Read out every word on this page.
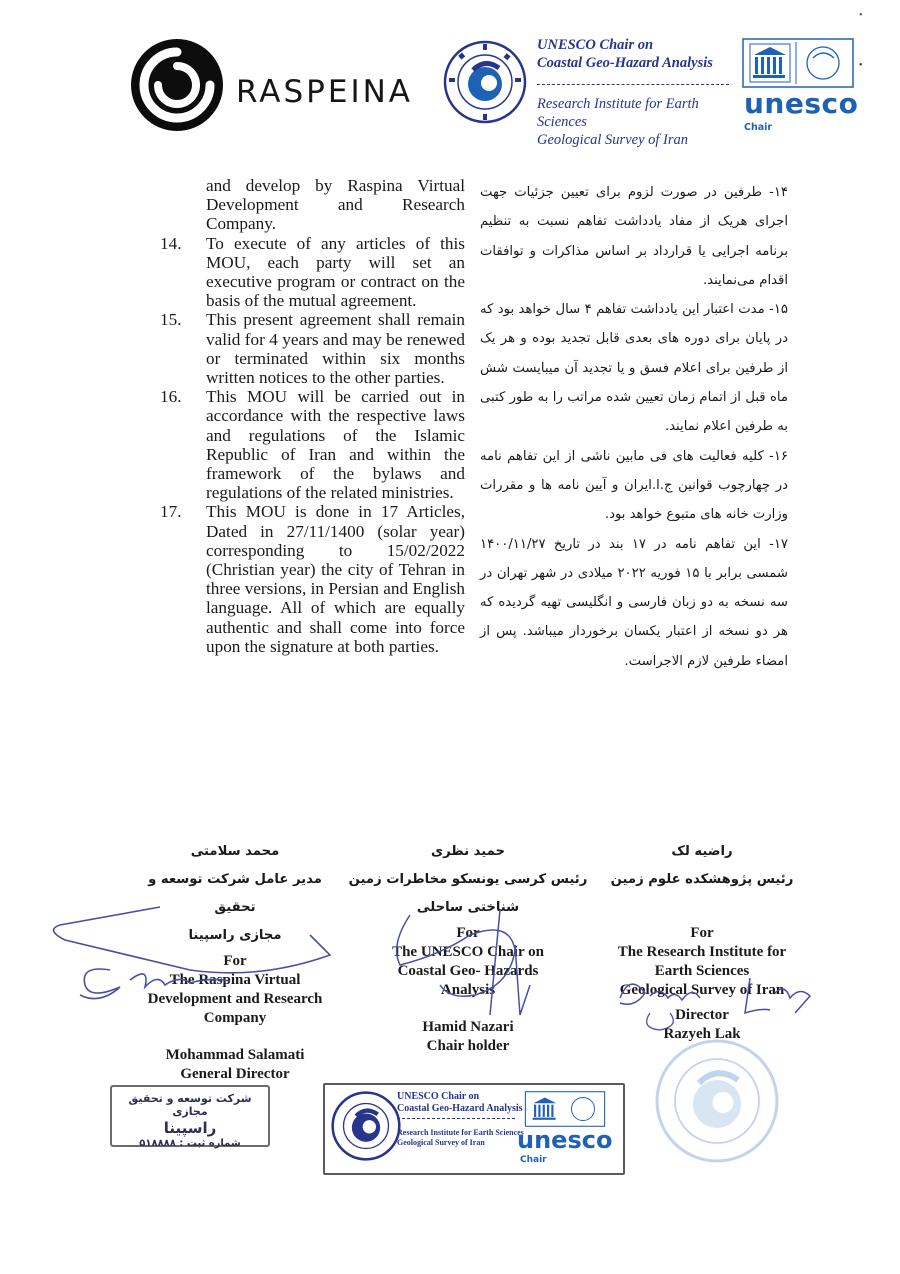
RASPEINA
UNESCO Chair on
Coastal Geo-Hazard Analysis
Research Institute for Earth Sciences
Geological Survey of Iran
unesco
Chair
•
•

and develop by Raspina Virtual Development and Research Company.

14.	To execute of any articles of this MOU, each party will set an executive program or contract on the basis of the mutual agreement.
15.	This present agreement shall remain valid for 4 years and may be renewed or terminated within six months written notices to the other parties.
16.	This MOU will be carried out in accordance with the respective laws and regulations of the Islamic Republic of Iran and within the framework of the bylaws and regulations of the related ministries.
17.	This MOU is done in 17 Articles, Dated in 27/11/1400 (solar year) corresponding to 15/02/2022 (Christian year) the city of Tehran in three versions, in Persian and English language. All of which are equally authentic and shall come into force upon the signature at both parties.

۱۴- طرفین در صورت لزوم برای تعیین جزئیات جهت اجرای هریک از مفاد یادداشت تفاهم نسبت به تنظیم برنامه اجرایی یا قرارداد بر اساس مذاکرات و توافقات اقدام می‌نمایند.

۱۵- مدت اعتبار این یادداشت تفاهم ۴ سال خواهد بود که در پایان برای دوره های بعدی قابل تجدید بوده و هر یک از طرفین برای اعلام فسق و یا تجدید آن میبایست شش ماه قبل از اتمام زمان تعیین شده مراتب را به طور کتبی به طرفین اعلام نمایند.

۱۶- کلیه فعالیت های فی مابین ناشی از این تفاهم نامه در چهارچوب قوانین ج.ا.ایران و آیین نامه ها و مقررات وزارت خانه های متبوع خواهد بود.

۱۷- این تفاهم نامه در ۱۷ بند در تاریخ ۱۴۰۰/۱۱/۲۷ شمسی برابر با ۱۵ فوریه ۲۰۲۲ میلادی در شهر تهران در سه نسخه به دو زبان فارسی و انگلیسی تهیه گردیده که هر دو نسخه از اعتبار یکسان برخوردار میباشد. پس از امضاء طرفین لازم الاجراست.

محمد سلامتی
مدیر عامل شرکت توسعه و تحقیق
مجازی راسپینا
For
The Raspina Virtual
Development and Research
Company
Mohammad Salamati
General Director
حمید نظری
رئیس کرسی یونسکو مخاطرات زمین
شناختی ساحلی
For
The UNESCO Chair on
Coastal Geo- Hazards
Analysis
Hamid Nazari
Chair holder
راضیه لک
رئیس پژوهشکده علوم زمین
For
The Research Institute for
Earth Sciences
Geological Survey of Iran
Director
Razyeh Lak
شرکت توسعه و تحقیق مجازی
راسپینا
شماره ثبت : ۵۱۸۸۸۸
UNESCO Chair on
Coastal Geo-Hazard Analysis
Research Institute for Earth Sciences
Geological Survey of Iran	unesco
Chair
